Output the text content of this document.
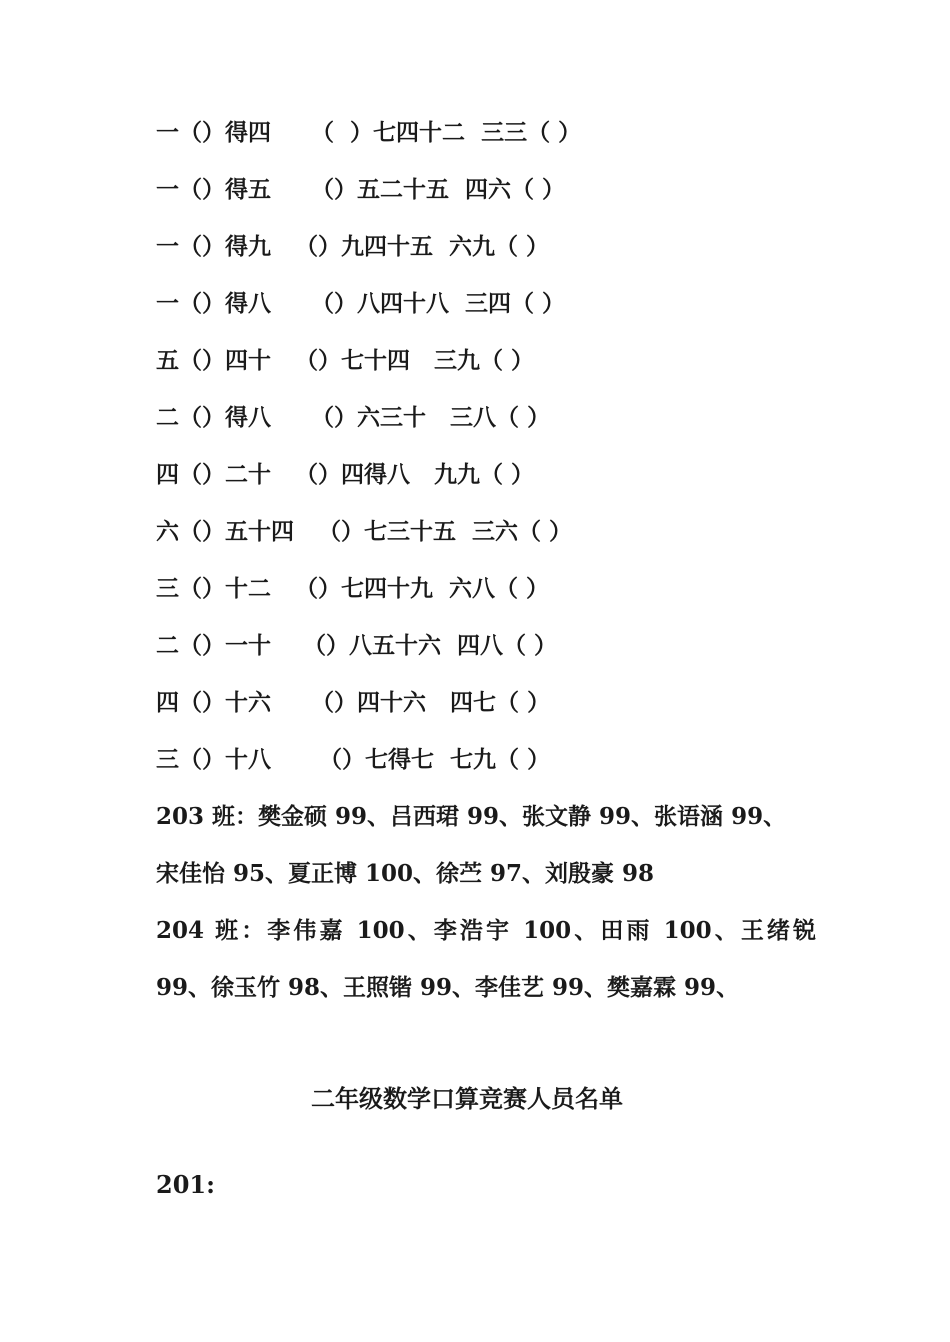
一（）得四     （  ）七四十二  三三（ ）
一（）得五     （）五二十五  四六（ ）
一（）得九   （）九四十五  六九（ ）
一（）得八     （）八四十八  三四（ ）
五（）四十   （）七十四   三九（ ）
二（）得八     （）六三十   三八（ ）
四（）二十   （）四得八   九九（ ）
六（）五十四   （）七三十五  三六（ ）
三（）十二   （）七四十九  六八（ ）
二（）一十    （）八五十六  四八（ ）
四（）十六     （）四十六   四七（ ）
三（）十八      （）七得七  七九（ ）
203 班：樊金硕 99、吕西珺 99、张文静 99、张语涵 99、
宋佳怡 95、夏正博 100、徐苎 97、刘殷豪 98
204 班：李伟嘉 100、李浩宇 100、田雨 100、王绪锐
99、徐玉竹 98、王照锴 99、李佳艺 99、樊嘉霖 99、
二年级数学口算竞赛人员名单
201:
